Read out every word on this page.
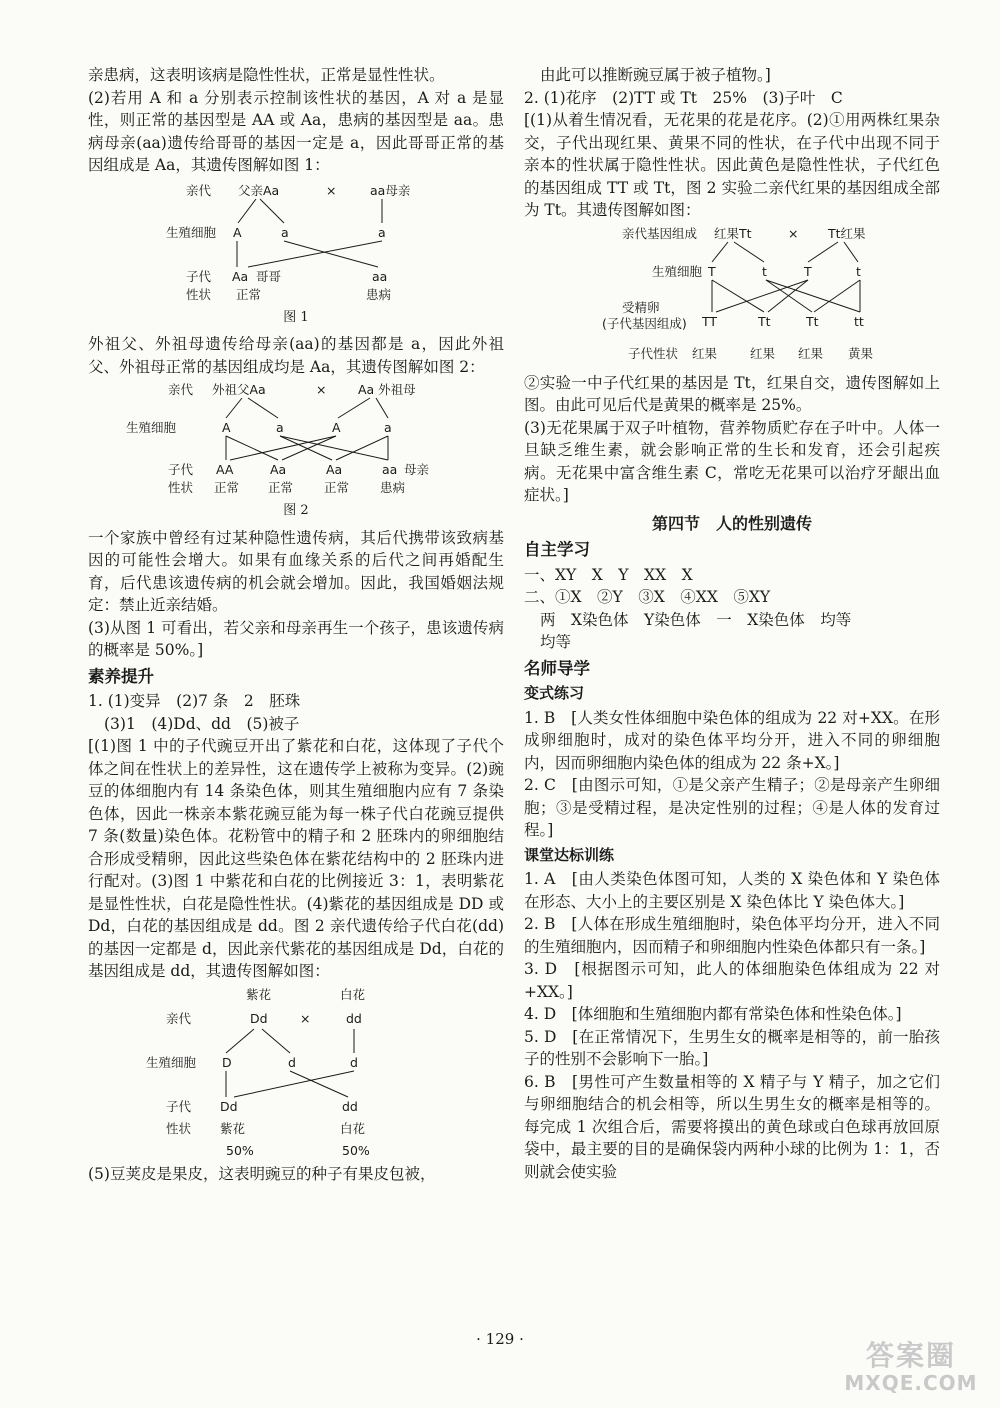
亲患病，这表明该病是隐性性状，正常是显性性状。

(2)若用 A 和 a 分别表示控制该性状的基因，A 对 a 是显性，则正常的基因型是 AA 或 Aa，患病的基因型是 aa。患病母亲(aa)遗传给哥哥的基因一定是 a，因此哥哥正常的基因组成是 Aa，其遗传图解如图 1：

亲代 父亲Aa	×	aa母亲
生殖细胞 A	a	a
子代 Aa 哥哥	aa
性状 正常	患病

图 1

外祖父、外祖母遗传给母亲(aa)的基因都是 a，因此外祖父、外祖母正常的基因组成均是 Aa，其遗传图解如图 2：

亲代 外祖父Aa	×	Aa 外祖母
生殖细胞	A	a	A	a
子代 AA	Aa	Aa	aa 母亲
性状 正常 正常 正常 患病

图 2

一个家族中曾经有过某种隐性遗传病，其后代携带该致病基因的可能性会增大。如果有血缘关系的后代之间再婚配生育，后代患该遗传病的机会就会增加。因此，我国婚姻法规定：禁止近亲结婚。

(3)从图 1 可看出，若父亲和母亲再生一个孩子，患该遗传病的概率是 50%。]

素养提升

1. (1)变异　(2)7 条　2　胚珠

(3)1　(4)Dd、dd　(5)被子

[(1)图 1 中的子代豌豆开出了紫花和白花，这体现了子代个体之间在性状上的差异性，这在遗传学上被称为变异。(2)豌豆的体细胞内有 14 条染色体，则其生殖细胞内应有 7 条染色体，因此一株亲本紫花豌豆能为每一株子代白花豌豆提供 7 条(数量)染色体。花粉管中的精子和 2 胚珠内的卵细胞结合形成受精卵，因此这些染色体在紫花结构中的 2 胚珠内进行配对。(3)图 1 中紫花和白花的比例接近 3：1，表明紫花是显性性状，白花是隐性性状。(4)紫花的基因组成是 DD 或 Dd，白花的基因组成是 dd。图 2 亲代遗传给子代白花(dd)的基因一定都是 d，因此亲代紫花的基因组成是 Dd，白花的基因组成是 dd，其遗传图解如图：

紫花	白花
亲代	Dd	×	dd
生殖细胞 D	d	d
子代 Dd	dd
性状 紫花	白花
50%	50%

(5)豆荚皮是果皮，这表明豌豆的种子有果皮包被，

由此可以推断豌豆属于被子植物。]

2. (1)花序　(2)TT 或 Tt　25%　(3)子叶　C

[(1)从着生情况看，无花果的花是花序。(2)①用两株红果杂交，子代出现红果、黄果不同的性状，在子代中出现不同于亲本的性状属于隐性性状。因此黄色是隐性性状，子代红色的基因组成 TT 或 Tt，图 2 实验二亲代红果的基因组成全部为 Tt。其遗传图解如图：

亲代基因组成 红果Tt	× Tt红果
生殖细胞 T	t	T	t
受精卵
(子代基因组成) TT	Tt	Tt	tt
子代性状 红果	红果 红果 黄果

②实验一中子代红果的基因是 Tt，红果自交，遗传图解如上图。由此可见后代是黄果的概率是 25%。

(3)无花果属于双子叶植物，营养物质贮存在子叶中。人体一旦缺乏维生素，就会影响正常的生长和发育，还会引起疾病。无花果中富含维生素 C，常吃无花果可以治疗牙龈出血症状。]

第四节　人的性别遗传
自主学习

一、XY　X　Y　XX　X

二、①X　②Y　③X　④XX　⑤XY

两　X染色体　Y染色体　一　X染色体　均等

均等

名师导学
变式练习

1. B　[人类女性体细胞中染色体的组成为 22 对+XX。在形成卵细胞时，成对的染色体平均分开，进入不同的卵细胞内，因而卵细胞内染色体的组成为 22 条+X。]

2. C　[由图示可知，①是父亲产生精子；②是母亲产生卵细胞；③是受精过程，是决定性别的过程；④是人体的发育过程。]

课堂达标训练

1. A　[由人类染色体图可知，人类的 X 染色体和 Y 染色体在形态、大小上的主要区别是 X 染色体比 Y 染色体大。]

2. B　[人体在形成生殖细胞时，染色体平均分开，进入不同的生殖细胞内，因而精子和卵细胞内性染色体都只有一条。]

3. D　[根据图示可知，此人的体细胞染色体组成为 22 对+XX。]

4. D　[体细胞和生殖细胞内都有常染色体和性染色体。]

5. D　[在正常情况下，生男生女的概率是相等的，前一胎孩子的性别不会影响下一胎。]

6. B　[男性可产生数量相等的 X 精子与 Y 精子，加之它们与卵细胞结合的机会相等，所以生男生女的概率是相等的。每完成 1 次组合后，需要将摸出的黄色球或白色球再放回原袋中，最主要的目的是确保袋内两种小球的比例为 1：1，否则就会使实验

· 129 ·	答案圈
MXQE.COM
